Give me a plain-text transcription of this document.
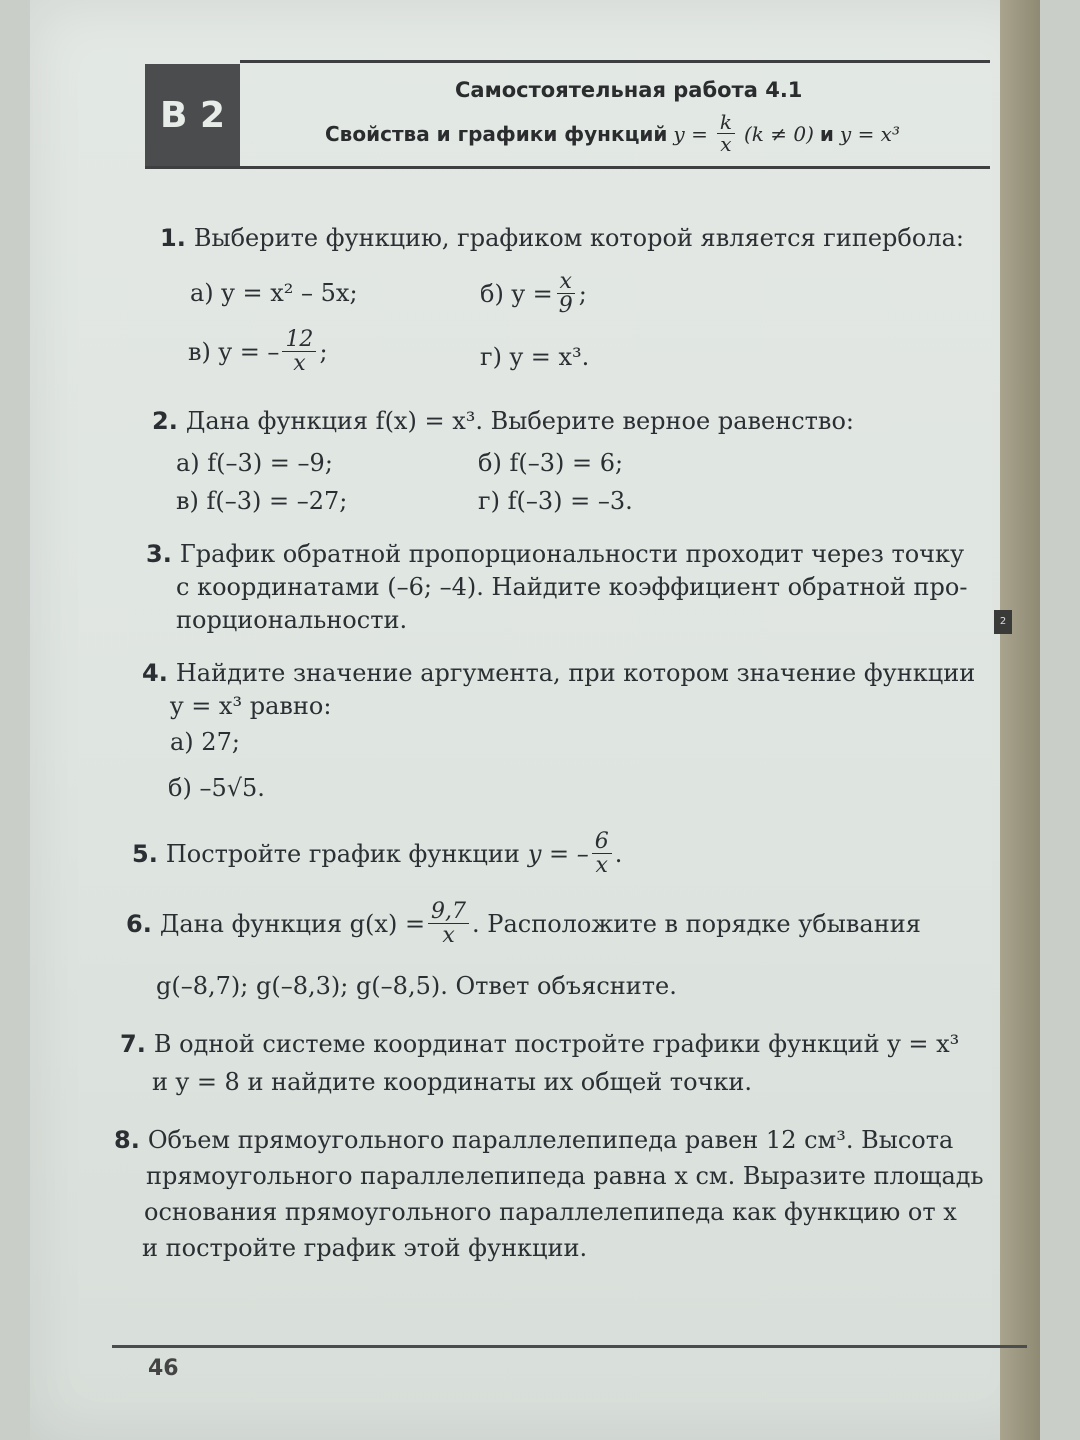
2
В 2
Самостоятельная работа 4.1
Свойства и графики функций $y = \frac{k}{x} (k \ne 0)$ и y = x³
1. Выберите функцию, графиком которой является гипербола:
а) y = x² – 5x;	б) $y = \frac{x}{9}$ ;
в) y = – $\frac{12}{x}$ ;	г) y = x³.
2. Дана функция f(x) = x³. Выберите верное равенство:
а) f(–3) = –9;	б) f(–3) = 6;
в) f(–3) = –27;	г) f(–3) = –3.
3. График обратной пропорциональности проходит через точку
с координатами (–6; –4). Найдите коэффициент обратной про-
порциональности.
4. Найдите значение аргумента, при котором значение функции
y = x³ равно:
а) 27;
б) –5√5.
5. Постройте график функции y = – $\frac{6}{x}$ .
6. Дана функция $g(x) = \frac{9,7}{x}$ . Расположите в порядке убывания
g(–8,7); g(–8,3); g(–8,5). Ответ объясните.
7. В одной системе координат постройте графики функций y = x³
и y = 8 и найдите координаты их общей точки.
8. Объем прямоугольного параллелепипеда равен 12 см³. Высота
прямоугольного параллелепипеда равна x см. Выразите площадь
основания прямоугольного параллелепипеда как функцию от x
и постройте график этой функции.
46
